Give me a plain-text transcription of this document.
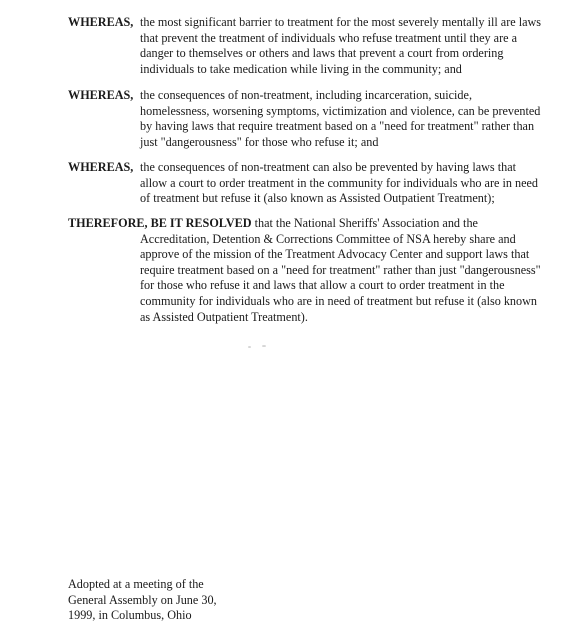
WHEREAS, the most significant barrier to treatment for the most severely mentally ill are laws
that prevent the treatment of individuals who refuse treatment until they are a
danger to themselves or others and laws that prevent a court from ordering
individuals to take medication while living in the community; and
WHEREAS, the consequences of non-treatment, including incarceration, suicide,
homelessness, worsening symptoms, victimization and violence, can be prevented
by having laws that require treatment based on a "need for treatment" rather than
just "dangerousness" for those who refuse it; and
WHEREAS, the consequences of non-treatment can also be prevented by having laws that
allow a court to order treatment in the community for individuals who are in need
of treatment but refuse it (also known as Assisted Outpatient Treatment);
THEREFORE, BE IT RESOLVED that the National Sheriffs' Association and the
Accreditation, Detention & Corrections Committee of NSA hereby share and
approve of the mission of the Treatment Advocacy Center and support laws that
require treatment based on a "need for treatment" rather than just "dangerousness"
for those who refuse it and laws that allow a court to order treatment in the
community for individuals who are in need of treatment but refuse it (also known
as Assisted Outpatient Treatment).
Adopted at a meeting of the
General Assembly on June 30,
1999, in Columbus, Ohio
